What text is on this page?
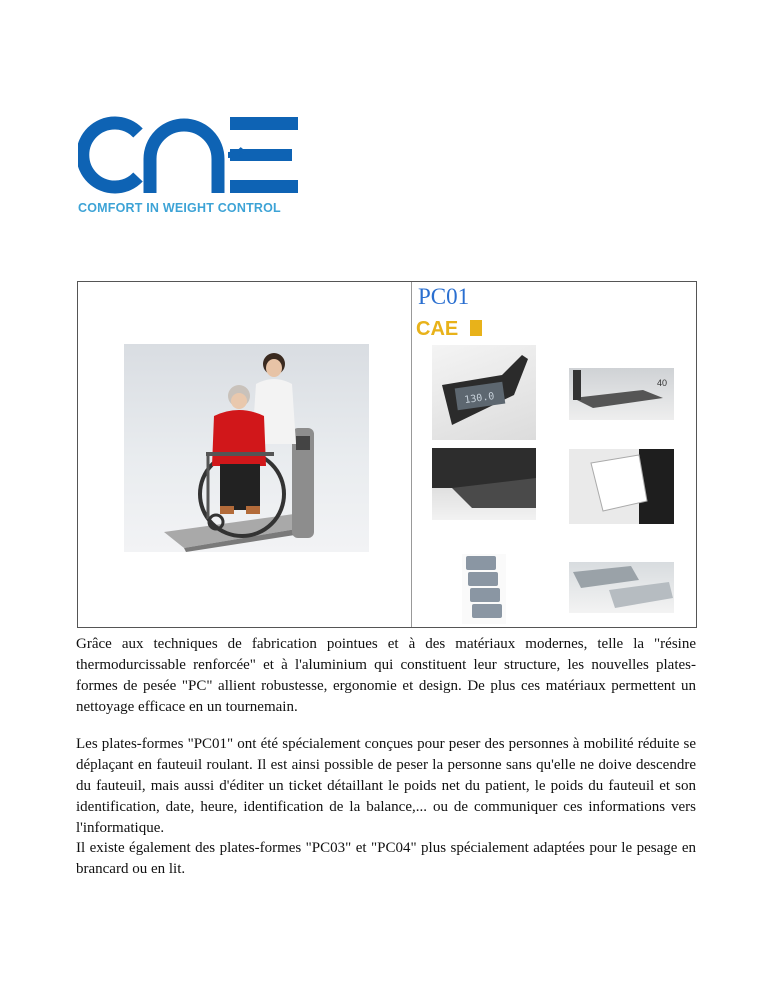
COMFORT IN WEIGHT CONTROL
PC01
CAE
130.0
40

Grâce aux techniques de fabrication pointues et à des matériaux modernes, telle la "résine thermodurcissable renforcée" et à l'aluminium qui constituent leur structure, les nouvelles plates-formes de pesée "PC" allient robustesse, ergonomie et design. De plus ces matériaux permettent un nettoyage efficace en un tournemain.

Les plates-formes "PC01" ont été spécialement conçues pour peser des personnes à mobilité réduite se déplaçant en fauteuil roulant. Il est ainsi possible de peser la personne sans qu'elle ne doive descendre du fauteuil, mais aussi d'éditer un ticket détaillant le poids net du patient, le poids du fauteuil et son identification, date, heure, identification de la balance,... ou de communiquer ces informations vers l'informatique.

Il existe également des plates-formes "PC03" et "PC04" plus spécialement adaptées pour le pesage en brancard ou en lit.
